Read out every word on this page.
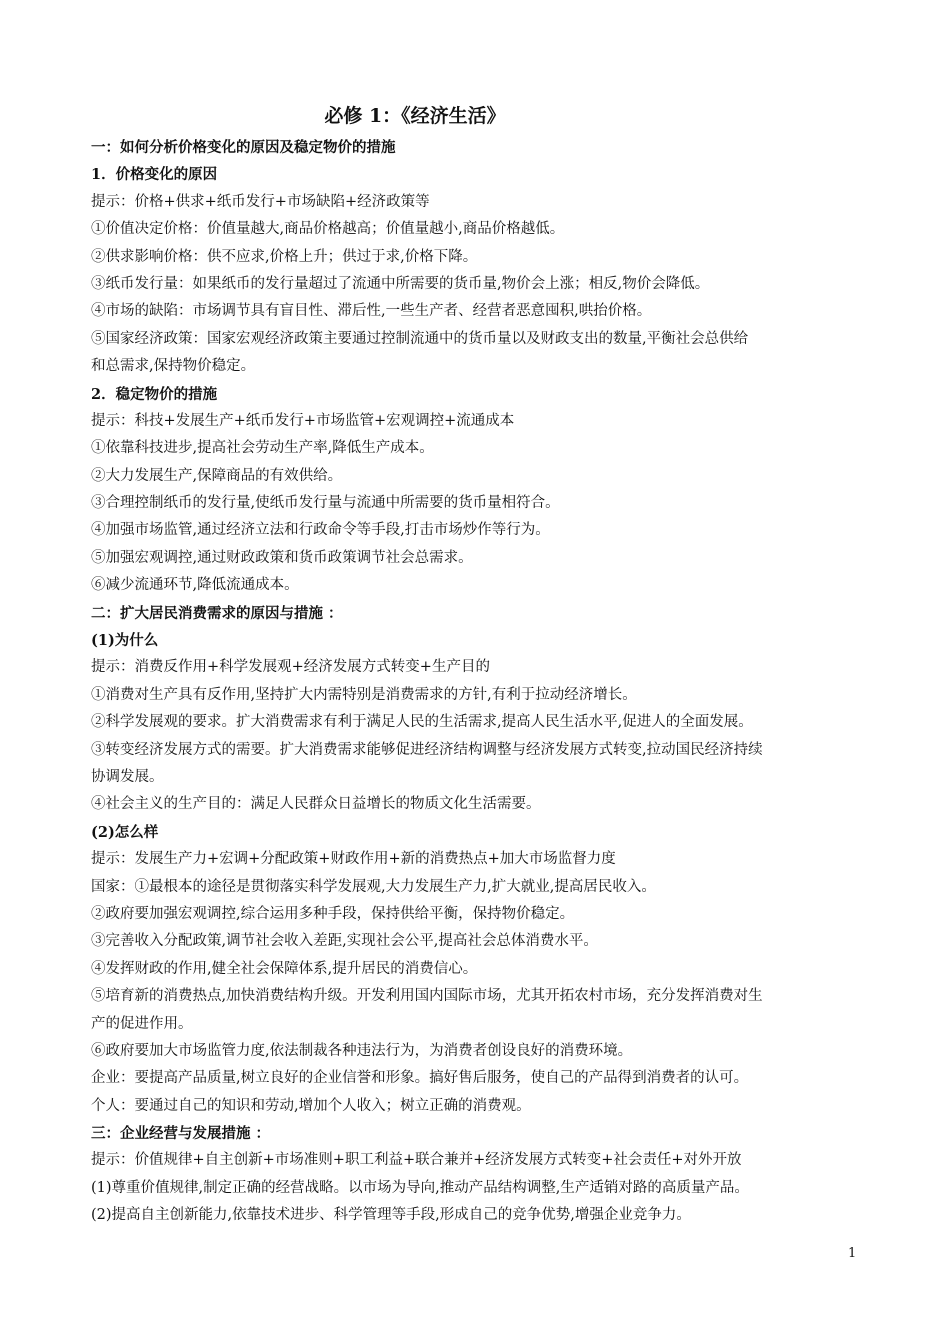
必修 1：《经济生活》
一：如何分析价格变化的原因及稳定物价的措施
1．价格变化的原因
提示：价格+供求+纸币发行+市场缺陷+经济政策等
①价值决定价格：价值量越大,商品价格越高；价值量越小,商品价格越低。
②供求影响价格：供不应求,价格上升；供过于求,价格下降。
③纸币发行量：如果纸币的发行量超过了流通中所需要的货币量,物价会上涨；相反,物价会降低。
④市场的缺陷：市场调节具有盲目性、滞后性,一些生产者、经营者恶意囤积,哄抬价格。
⑤国家经济政策：国家宏观经济政策主要通过控制流通中的货币量以及财政支出的数量,平衡社会总供给
和总需求,保持物价稳定。
2．稳定物价的措施
提示：科技+发展生产+纸币发行+市场监管+宏观调控+流通成本
①依靠科技进步,提高社会劳动生产率,降低生产成本。
②大力发展生产,保障商品的有效供给。
③合理控制纸币的发行量,使纸币发行量与流通中所需要的货币量相符合。
④加强市场监管,通过经济立法和行政命令等手段,打击市场炒作等行为。
⑤加强宏观调控,通过财政政策和货币政策调节社会总需求。
⑥减少流通环节,降低流通成本。
二：扩大居民消费需求的原因与措施 ：
(1)为什么
提示：消费反作用+科学发展观+经济发展方式转变+生产目的
①消费对生产具有反作用,坚持扩大内需特别是消费需求的方针,有利于拉动经济增长。
②科学发展观的要求。扩大消费需求有利于满足人民的生活需求,提高人民生活水平,促进人的全面发展。
③转变经济发展方式的需要。扩大消费需求能够促进经济结构调整与经济发展方式转变,拉动国民经济持续
协调发展。
④社会主义的生产目的：满足人民群众日益增长的物质文化生活需要。
(2)怎么样
提示：发展生产力+宏调+分配政策+财政作用+新的消费热点+加大市场监督力度
国家：①最根本的途径是贯彻落实科学发展观,大力发展生产力,扩大就业,提高居民收入。
②政府要加强宏观调控,综合运用多种手段，保持供给平衡，保持物价稳定。
③完善收入分配政策,调节社会收入差距,实现社会公平,提高社会总体消费水平。
④发挥财政的作用,健全社会保障体系,提升居民的消费信心。
⑤培育新的消费热点,加快消费结构升级。开发利用国内国际市场，尤其开拓农村市场，充分发挥消费对生
产的促进作用。
⑥政府要加大市场监管力度,依法制裁各种违法行为，为消费者创设良好的消费环境。
企业：要提高产品质量,树立良好的企业信誉和形象。搞好售后服务，使自己的产品得到消费者的认可。
个人：要通过自己的知识和劳动,增加个人收入；树立正确的消费观。
三：企业经营与发展措施 ：
提示：价值规律+自主创新+市场准则+职工利益+联合兼并+经济发展方式转变+社会责任+对外开放
(1)尊重价值规律,制定正确的经营战略。以市场为导向,推动产品结构调整,生产适销对路的高质量产品。
(2)提高自主创新能力,依靠技术进步、科学管理等手段,形成自己的竞争优势,增强企业竞争力。
1
